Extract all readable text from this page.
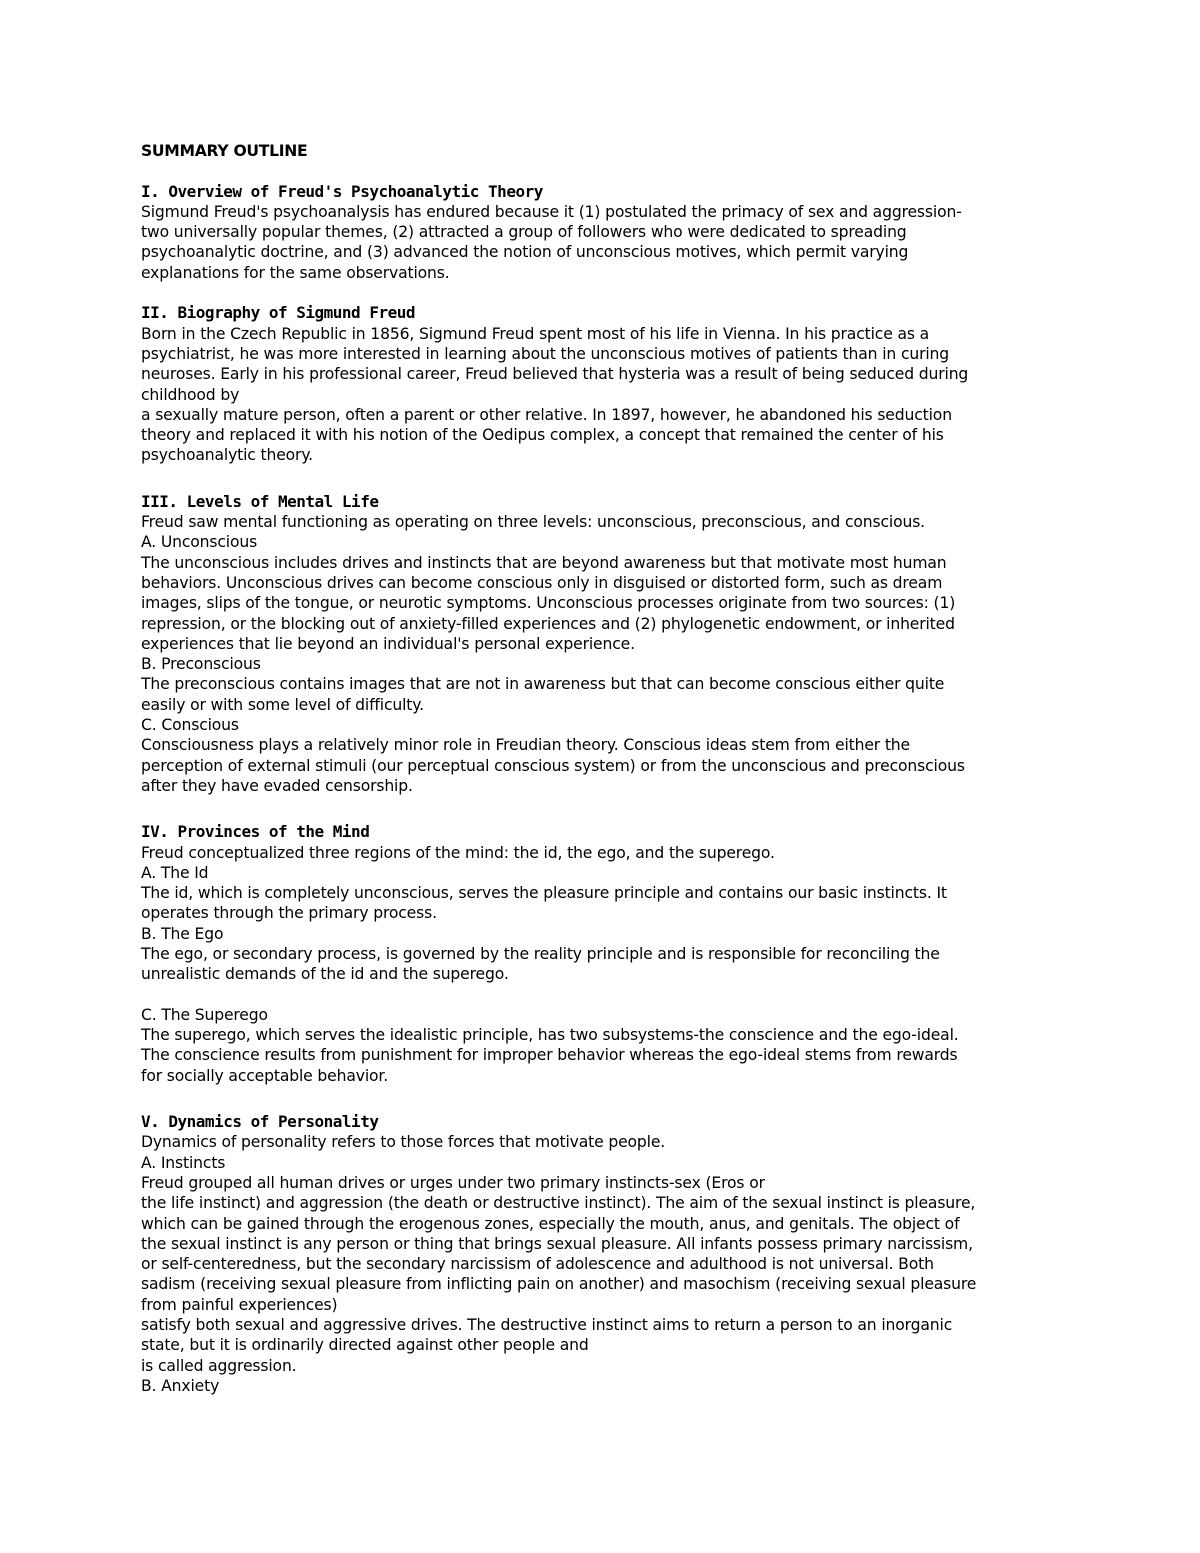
SUMMARY OUTLINE
I. Overview of Freud's Psychoanalytic Theory
Sigmund Freud's psychoanalysis has endured because it (1) postulated the primacy of sex and aggression-
two universally popular themes, (2) attracted a group of followers who were dedicated to spreading
psychoanalytic doctrine, and (3) advanced the notion of unconscious motives, which permit varying
explanations for the same observations.
II. Biography of Sigmund Freud
Born in the Czech Republic in 1856, Sigmund Freud spent most of his life in Vienna. In his practice as a
psychiatrist, he was more interested in learning about the unconscious motives of patients than in curing
neuroses. Early in his professional career, Freud believed that hysteria was a result of being seduced during
childhood by
a sexually mature person, often a parent or other relative. In 1897, however, he abandoned his seduction
theory and replaced it with his notion of the Oedipus complex, a concept that remained the center of his
psychoanalytic theory.
III. Levels of Mental Life
Freud saw mental functioning as operating on three levels: unconscious, preconscious, and conscious.
A. Unconscious
The unconscious includes drives and instincts that are beyond awareness but that motivate most human
behaviors. Unconscious drives can become conscious only in disguised or distorted form, such as dream
images, slips of the tongue, or neurotic symptoms. Unconscious processes originate from two sources: (1)
repression, or the blocking out of anxiety-filled experiences and (2) phylogenetic endowment, or inherited
experiences that lie beyond an individual's personal experience.
B. Preconscious
The preconscious contains images that are not in awareness but that can become conscious either quite
easily or with some level of difficulty.
C. Conscious
Consciousness plays a relatively minor role in Freudian theory. Conscious ideas stem from either the
perception of external stimuli (our perceptual conscious system) or from the unconscious and preconscious
after they have evaded censorship.
IV. Provinces of the Mind
Freud conceptualized three regions of the mind: the id, the ego, and the superego.
A. The Id
The id, which is completely unconscious, serves the pleasure principle and contains our basic instincts. It
operates through the primary process.
B. The Ego
The ego, or secondary process, is governed by the reality principle and is responsible for reconciling the
unrealistic demands of the id and the superego.
C. The Superego
The superego, which serves the idealistic principle, has two subsystems-the conscience and the ego-ideal.
The conscience results from punishment for improper behavior whereas the ego-ideal stems from rewards
for socially acceptable behavior.
V. Dynamics of Personality
Dynamics of personality refers to those forces that motivate people.
A. Instincts
Freud grouped all human drives or urges under two primary instincts-sex (Eros or
the life instinct) and aggression (the death or destructive instinct). The aim of the sexual instinct is pleasure,
which can be gained through the erogenous zones, especially the mouth, anus, and genitals. The object of
the sexual instinct is any person or thing that brings sexual pleasure. All infants possess primary narcissism,
or self-centeredness, but the secondary narcissism of adolescence and adulthood is not universal. Both
sadism (receiving sexual pleasure from inflicting pain on another) and masochism (receiving sexual pleasure
from painful experiences)
satisfy both sexual and aggressive drives. The destructive instinct aims to return a person to an inorganic
state, but it is ordinarily directed against other people and
is called aggression.
B. Anxiety
